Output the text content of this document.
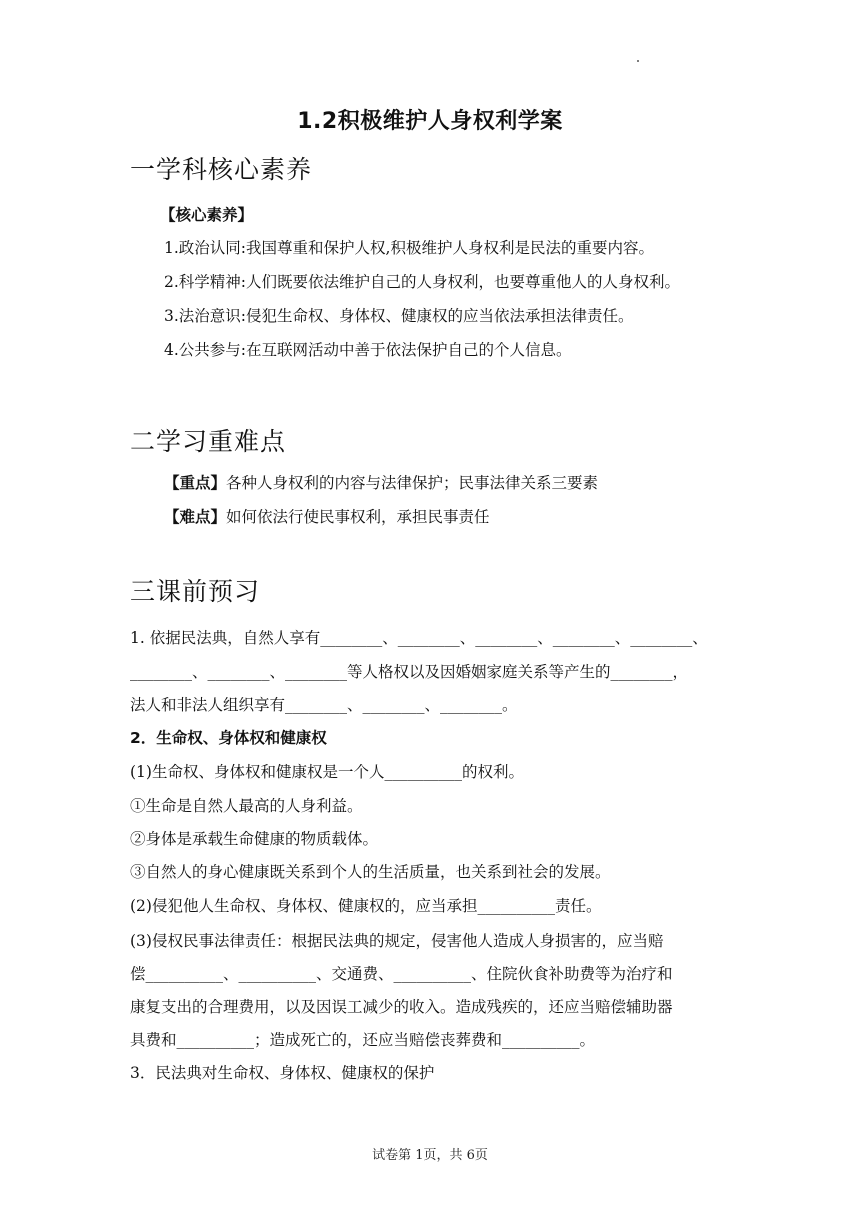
1.2积极维护人身权利学案
一学科核心素养
【核心素养】
1.政治认同:我国尊重和保护人权,积极维护人身权利是民法的重要内容。
2.科学精神:人们既要依法维护自己的人身权利，也要尊重他人的人身权利。
3.法治意识:侵犯生命权、身体权、健康权的应当依法承担法律责任。
4.公共参与:在互联网活动中善于依法保护自己的个人信息。
二学习重难点
【重点】各种人身权利的内容与法律保护；民事法律关系三要素
【难点】如何依法行使民事权利，承担民事责任
三课前预习
1. 依据民法典，自然人享有________、________、________、________、________、
________、________、________等人格权以及因婚姻家庭关系等产生的________，
法人和非法人组织享有________、________、________。
2．生命权、身体权和健康权
(1)生命权、身体权和健康权是一个人__________的权利。
①生命是自然人最高的人身利益。
②身体是承载生命健康的物质载体。
③自然人的身心健康既关系到个人的生活质量，也关系到社会的发展。
(2)侵犯他人生命权、身体权、健康权的，应当承担__________责任。
(3)侵权民事法律责任：根据民法典的规定，侵害他人造成人身损害的，应当赔
偿__________、__________、交通费、__________、住院伙食补助费等为治疗和
康复支出的合理费用，以及因误工减少的收入。造成残疾的，还应当赔偿辅助器
具费和__________；造成死亡的，还应当赔偿丧葬费和__________。
3．民法典对生命权、身体权、健康权的保护
试卷第 1页，共 6页
